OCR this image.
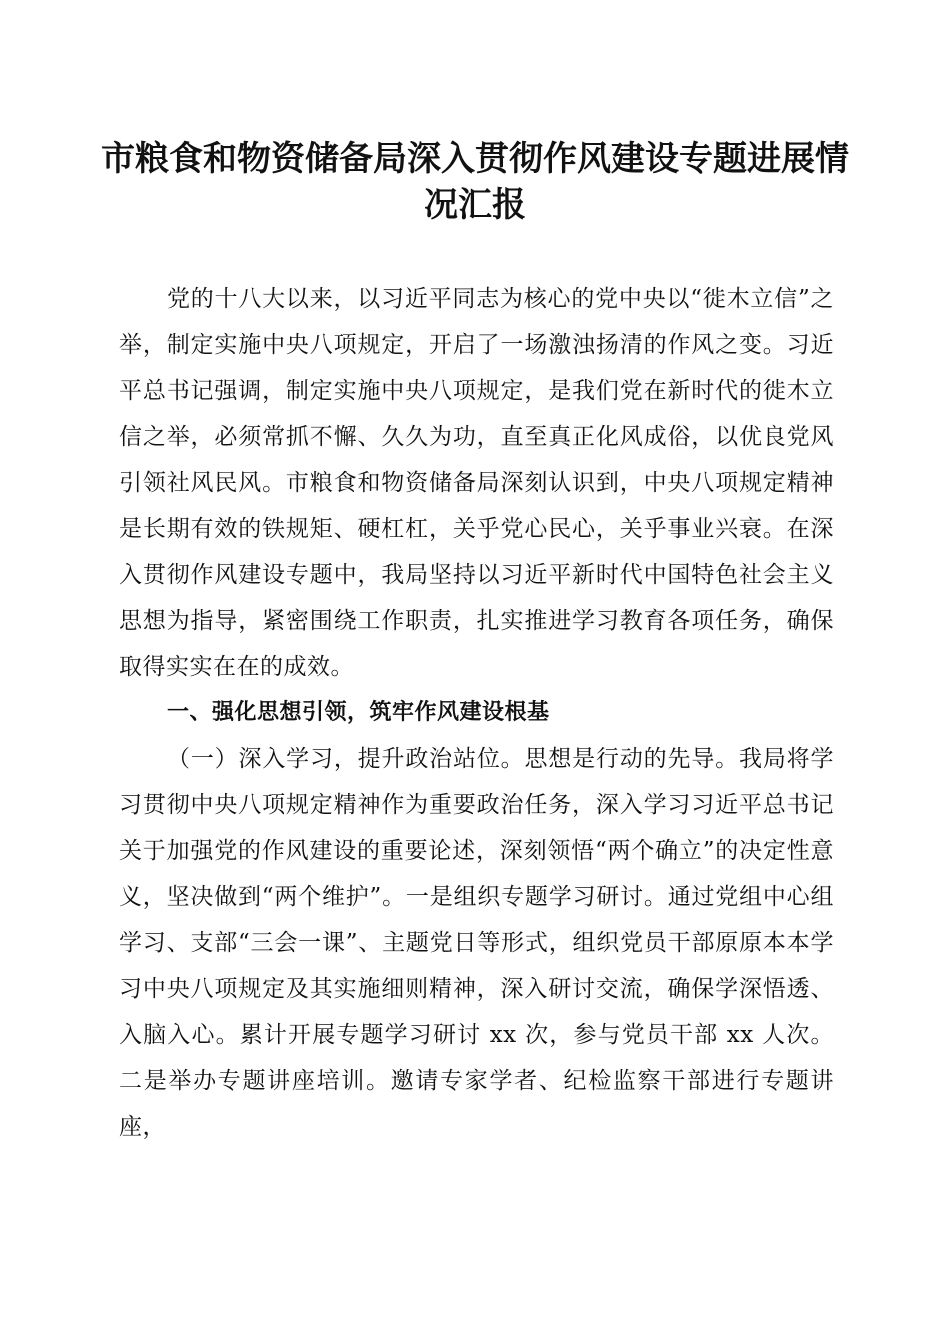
市粮食和物资储备局深入贯彻作风建设专题进展情况汇报

党的十八大以来，以习近平同志为核心的党中央以“徙木立信”之举，制定实施中央八项规定，开启了一场激浊扬清的作风之变。习近平总书记强调，制定实施中央八项规定，是我们党在新时代的徙木立信之举，必须常抓不懈、久久为功，直至真正化风成俗，以优良党风引领社风民风。市粮食和物资储备局深刻认识到，中央八项规定精神是长期有效的铁规矩、硬杠杠，关乎党心民心，关乎事业兴衰。在深入贯彻作风建设专题中，我局坚持以习近平新时代中国特色社会主义思想为指导，紧密围绕工作职责，扎实推进学习教育各项任务，确保取得实实在在的成效。

一、强化思想引领，筑牢作风建设根基

（一）深入学习，提升政治站位。思想是行动的先导。我局将学习贯彻中央八项规定精神作为重要政治任务，深入学习习近平总书记关于加强党的作风建设的重要论述，深刻领悟“两个确立”的决定性意义，坚决做到“两个维护”。一是组织专题学习研讨。通过党组中心组学习、支部“三会一课”、主题党日等形式，组织党员干部原原本本学习中央八项规定及其实施细则精神，深入研讨交流，确保学深悟透、入脑入心。累计开展专题学习研讨 xx 次，参与党员干部 xx 人次。二是举办专题讲座培训。邀请专家学者、纪检监察干部进行专题讲座，
